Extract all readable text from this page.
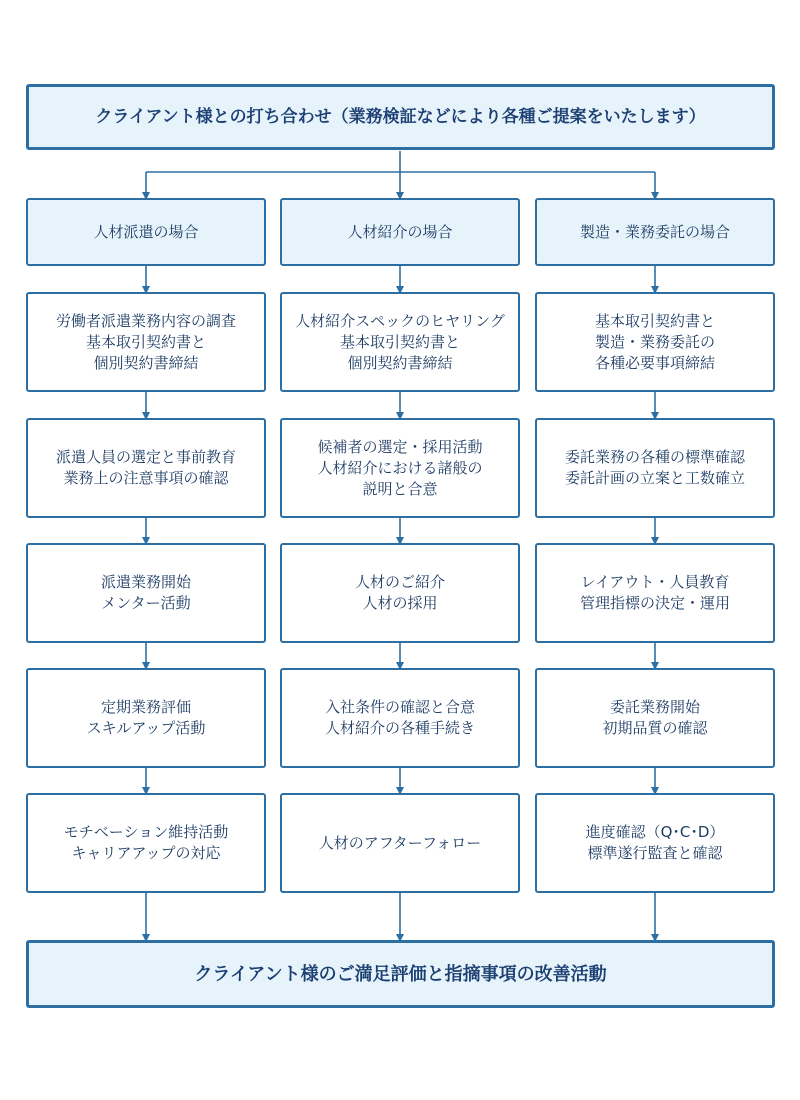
クライアント様との打ち合わせ（業務検証などにより各種ご提案をいたします）
人材派遣の場合
労働者派遣業務内容の調査
基本取引契約書と
個別契約書締結
派遣人員の選定と事前教育
業務上の注意事項の確認
派遣業務開始
メンター活動
定期業務評価
スキルアップ活動
モチベーション維持活動
キャリアアップの対応
人材紹介の場合
人材紹介スペックのヒヤリング
基本取引契約書と
個別契約書締結
候補者の選定・採用活動
人材紹介における諸般の
説明と合意
人材のご紹介
人材の採用
入社条件の確認と合意
人材紹介の各種手続き
人材のアフターフォロー
製造・業務委託の場合
基本取引契約書と
製造・業務委託の
各種必要事項締結
委託業務の各種の標準確認
委託計画の立案と工数確立
レイアウト・人員教育
管理指標の決定・運用
委託業務開始
初期品質の確認
進度確認（Q･C･D）
標準遂行監査と確認
クライアント様のご満足評価と指摘事項の改善活動
